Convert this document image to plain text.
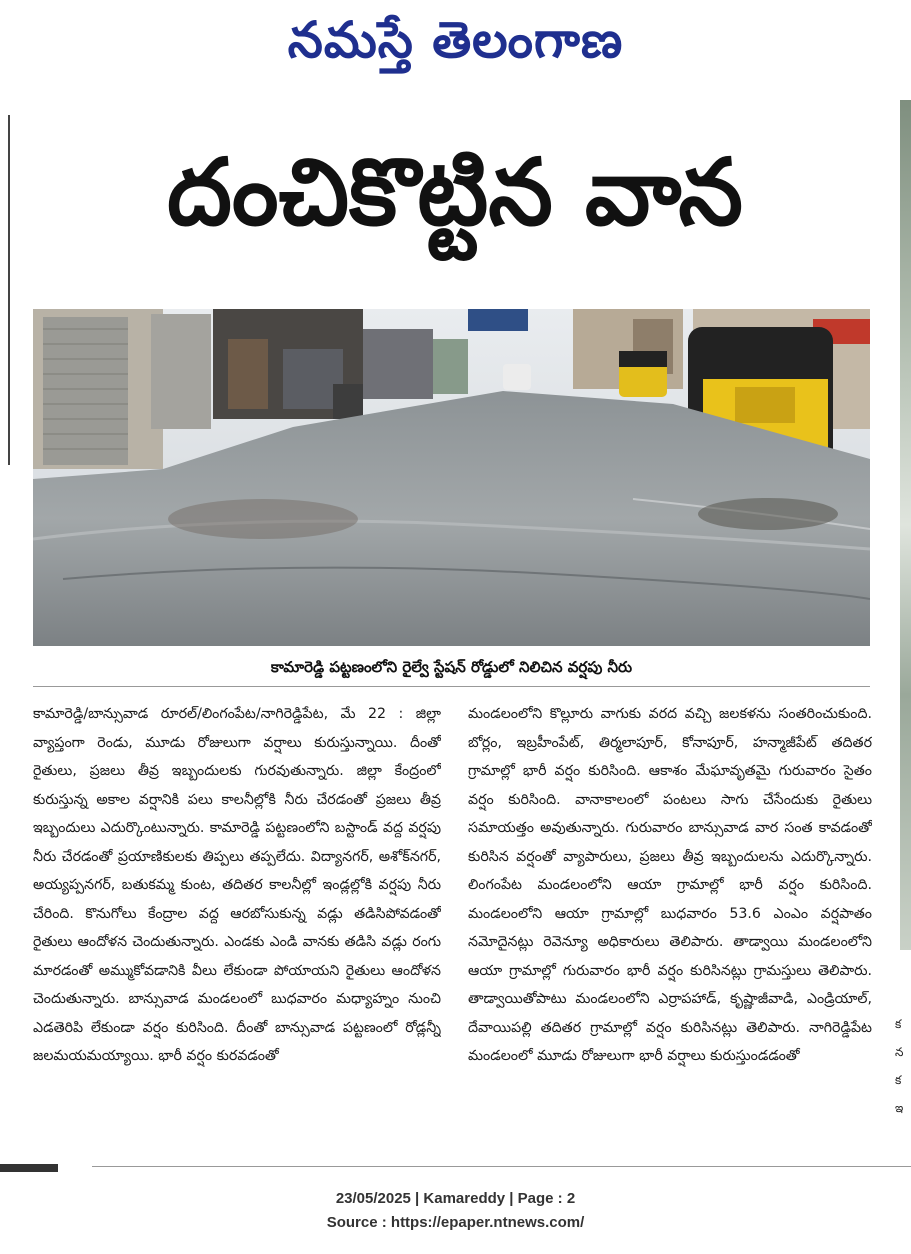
నమస్తే తెలంగాణ
దంచికొట్టిన వాన
కామారెడ్డి పట్టణంలోని రైల్వే స్టేషన్ రోడ్డులో నిలిచిన వర్షపు నీరు
కామారెడ్డి/బాన్సువాడ రూరల్/లింగంపేట/నాగిరెడ్డిపేట, మే 22 : జిల్లా వ్యాప్తంగా రెండు, మూడు రోజులుగా వర్షాలు కురుస్తున్నాయి. దీంతో రైతులు, ప్రజలు తీవ్ర ఇబ్బందులకు గురవుతున్నారు. జిల్లా కేంద్రంలో కురుస్తున్న అకాల వర్షానికి పలు కాలనీల్లోకి నీరు చేరడంతో ప్రజలు తీవ్ర ఇబ్బందులు ఎదుర్కొంటున్నారు. కామారెడ్డి పట్టణంలోని బస్టాండ్ వద్ద వర్షపు నీరు చేరడంతో ప్రయాణికులకు తిప్పలు తప్పలేదు. విద్యానగర్, అశోక్‌నగర్, అయ్యప్పనగర్, బతుకమ్మ కుంట, తదితర కాలనీల్లో ఇండ్లల్లోకి వర్షపు నీరు చేరింది. కొనుగోలు కేంద్రాల వద్ద ఆరబోసుకున్న వడ్లు తడిసిపోవడంతో రైతులు ఆందోళన చెందుతున్నారు. ఎండకు ఎండి వానకు తడిసి వడ్లు రంగు మారడంతో అమ్ముకోవడానికి వీలు లేకుండా పోయాయని రైతులు ఆందోళన చెందుతున్నారు. బాన్సువాడ మండలంలో బుధవారం మధ్యాహ్నం నుంచి ఎడతెరిపి లేకుండా వర్షం కురిసింది. దీంతో బాన్సువాడ పట్టణంలో రోడ్లన్నీ జలమయమయ్యాయి. భారీ వర్షం కురవడంతో
మండలంలోని కొల్లూరు వాగుకు వరద వచ్చి జలకళను సంతరించుకుంది. బోర్లం, ఇబ్రహీంపేట్, తిర్మలాపూర్, కోనాపూర్, హన్మాజీపేట్ తదితర గ్రామాల్లో భారీ వర్షం కురిసింది. ఆకాశం మేఘావృతమై గురువారం సైతం వర్షం కురిసింది. వానాకాలంలో పంటలు సాగు చేసేందుకు రైతులు సమాయత్తం అవుతున్నారు. గురువారం బాన్సువాడ వార సంత కావడంతో కురిసిన వర్షంతో వ్యాపారులు, ప్రజలు తీవ్ర ఇబ్బందులను ఎదుర్కొన్నారు. లింగంపేట మండలంలోని ఆయా గ్రామాల్లో భారీ వర్షం కురిసింది. మండలంలోని ఆయా గ్రామాల్లో బుధవారం 53.6 ఎంఎం వర్షపాతం నమోదైనట్లు రెవెన్యూ అధికారులు తెలిపారు. తాడ్వాయి మండలంలోని ఆయా గ్రామాల్లో గురువారం భారీ వర్షం కురిసినట్లు గ్రామస్తులు తెలిపారు. తాడ్వాయితోపాటు మండలంలోని ఎర్రాపహాడ్, కృష్ణాజీవాడి, ఎండ్రియాల్, దేవాయిపల్లి తదితర గ్రామాల్లో వర్షం కురిసినట్లు తెలిపారు. నాగిరెడ్డిపేట మండలంలో మూడు రోజులుగా భారీ వర్షాలు కురుస్తుండడంతో
క న క ఇ
23/05/2025 | Kamareddy | Page : 2
Source : https://epaper.ntnews.com/
